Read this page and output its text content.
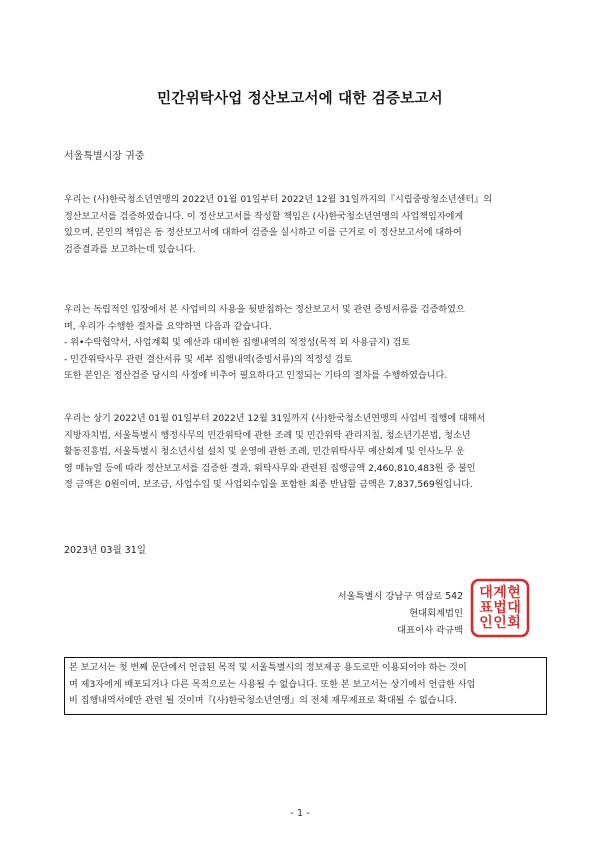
민간위탁사업 정산보고서에 대한 검증보고서
서울특별시장 귀중
우리는 (사)한국청소년연맹의 2022년 01월 01일부터 2022년 12월 31일까지의『시립중랑청소년센터』의
정산보고서를 검증하였습니다. 이 정산보고서를 작성할 책임은 (사)한국청소년연맹의 사업책임자에게
있으며, 본인의 책임은 동 정산보고서에 대하여 검증을 실시하고 이를 근거로 이 정산보고서에 대하여
검증결과를 보고하는데 있습니다.
우리는 독립적인 입장에서 본 사업비의 사용을 뒷받침하는 정산보고서 및 관련 증빙서류를 검증하였으
며, 우리가 수행한 절차를 요약하면 다음과 같습니다.
- 위•수탁협약서, 사업계획 및 예산과 대비한 집행내역의 적정성(목적 외 사용금지) 검토
- 민간위탁사무 관련 결산서류 및 세부 집행내역(증빙서류)의 적정성 검토
또한 본인은 정산검증 당시의 사정에 비추어 필요하다고 인정되는 기타의 절차를 수행하였습니다.
우리는 상기 2022년 01월 01일부터 2022년 12월 31일까지 (사)한국청소년연맹의 사업비 집행에 대해서
지방자치법, 서울특별시 행정사무의 민간위탁에 관한 조례 및 민간위탁 관리지침, 청소년기본법, 청소년
활동진흥법, 서울특별시 청소년시설 설치 및 운영에 관한 조례, 민간위탁사무 예산회계 및 인사노무 운
영 매뉴얼 등에 따라 정산보고서를 검증한 결과, 위탁사무와 관련된 집행금액 2,460,810,483원 중 불인
정 금액은 0원이며, 보조금, 사업수입 및 사업외수입을 포함한 최종 반납할 금액은 7,837,569원입니다.
2023년 03월 31일
서울특별시 강남구 역삼로 542
현대회계법인
대표이사 곽규백
현
대
회
계
법
인
대
표
인
본 보고서는 첫 번째 문단에서 언급된 목적 및 서울특별시의 정보제공 용도로만 이용되어야 하는 것이
며 제3자에게 배포되거나 다른 목적으로는 사용될 수 없습니다. 또한 본 보고서는 상기에서 언급한 사업
비 집행내역서에만 관련 될 것이며『(사)한국청소년연맹』의 전체 재무제표로 확대될 수 없습니다.
- 1 -
